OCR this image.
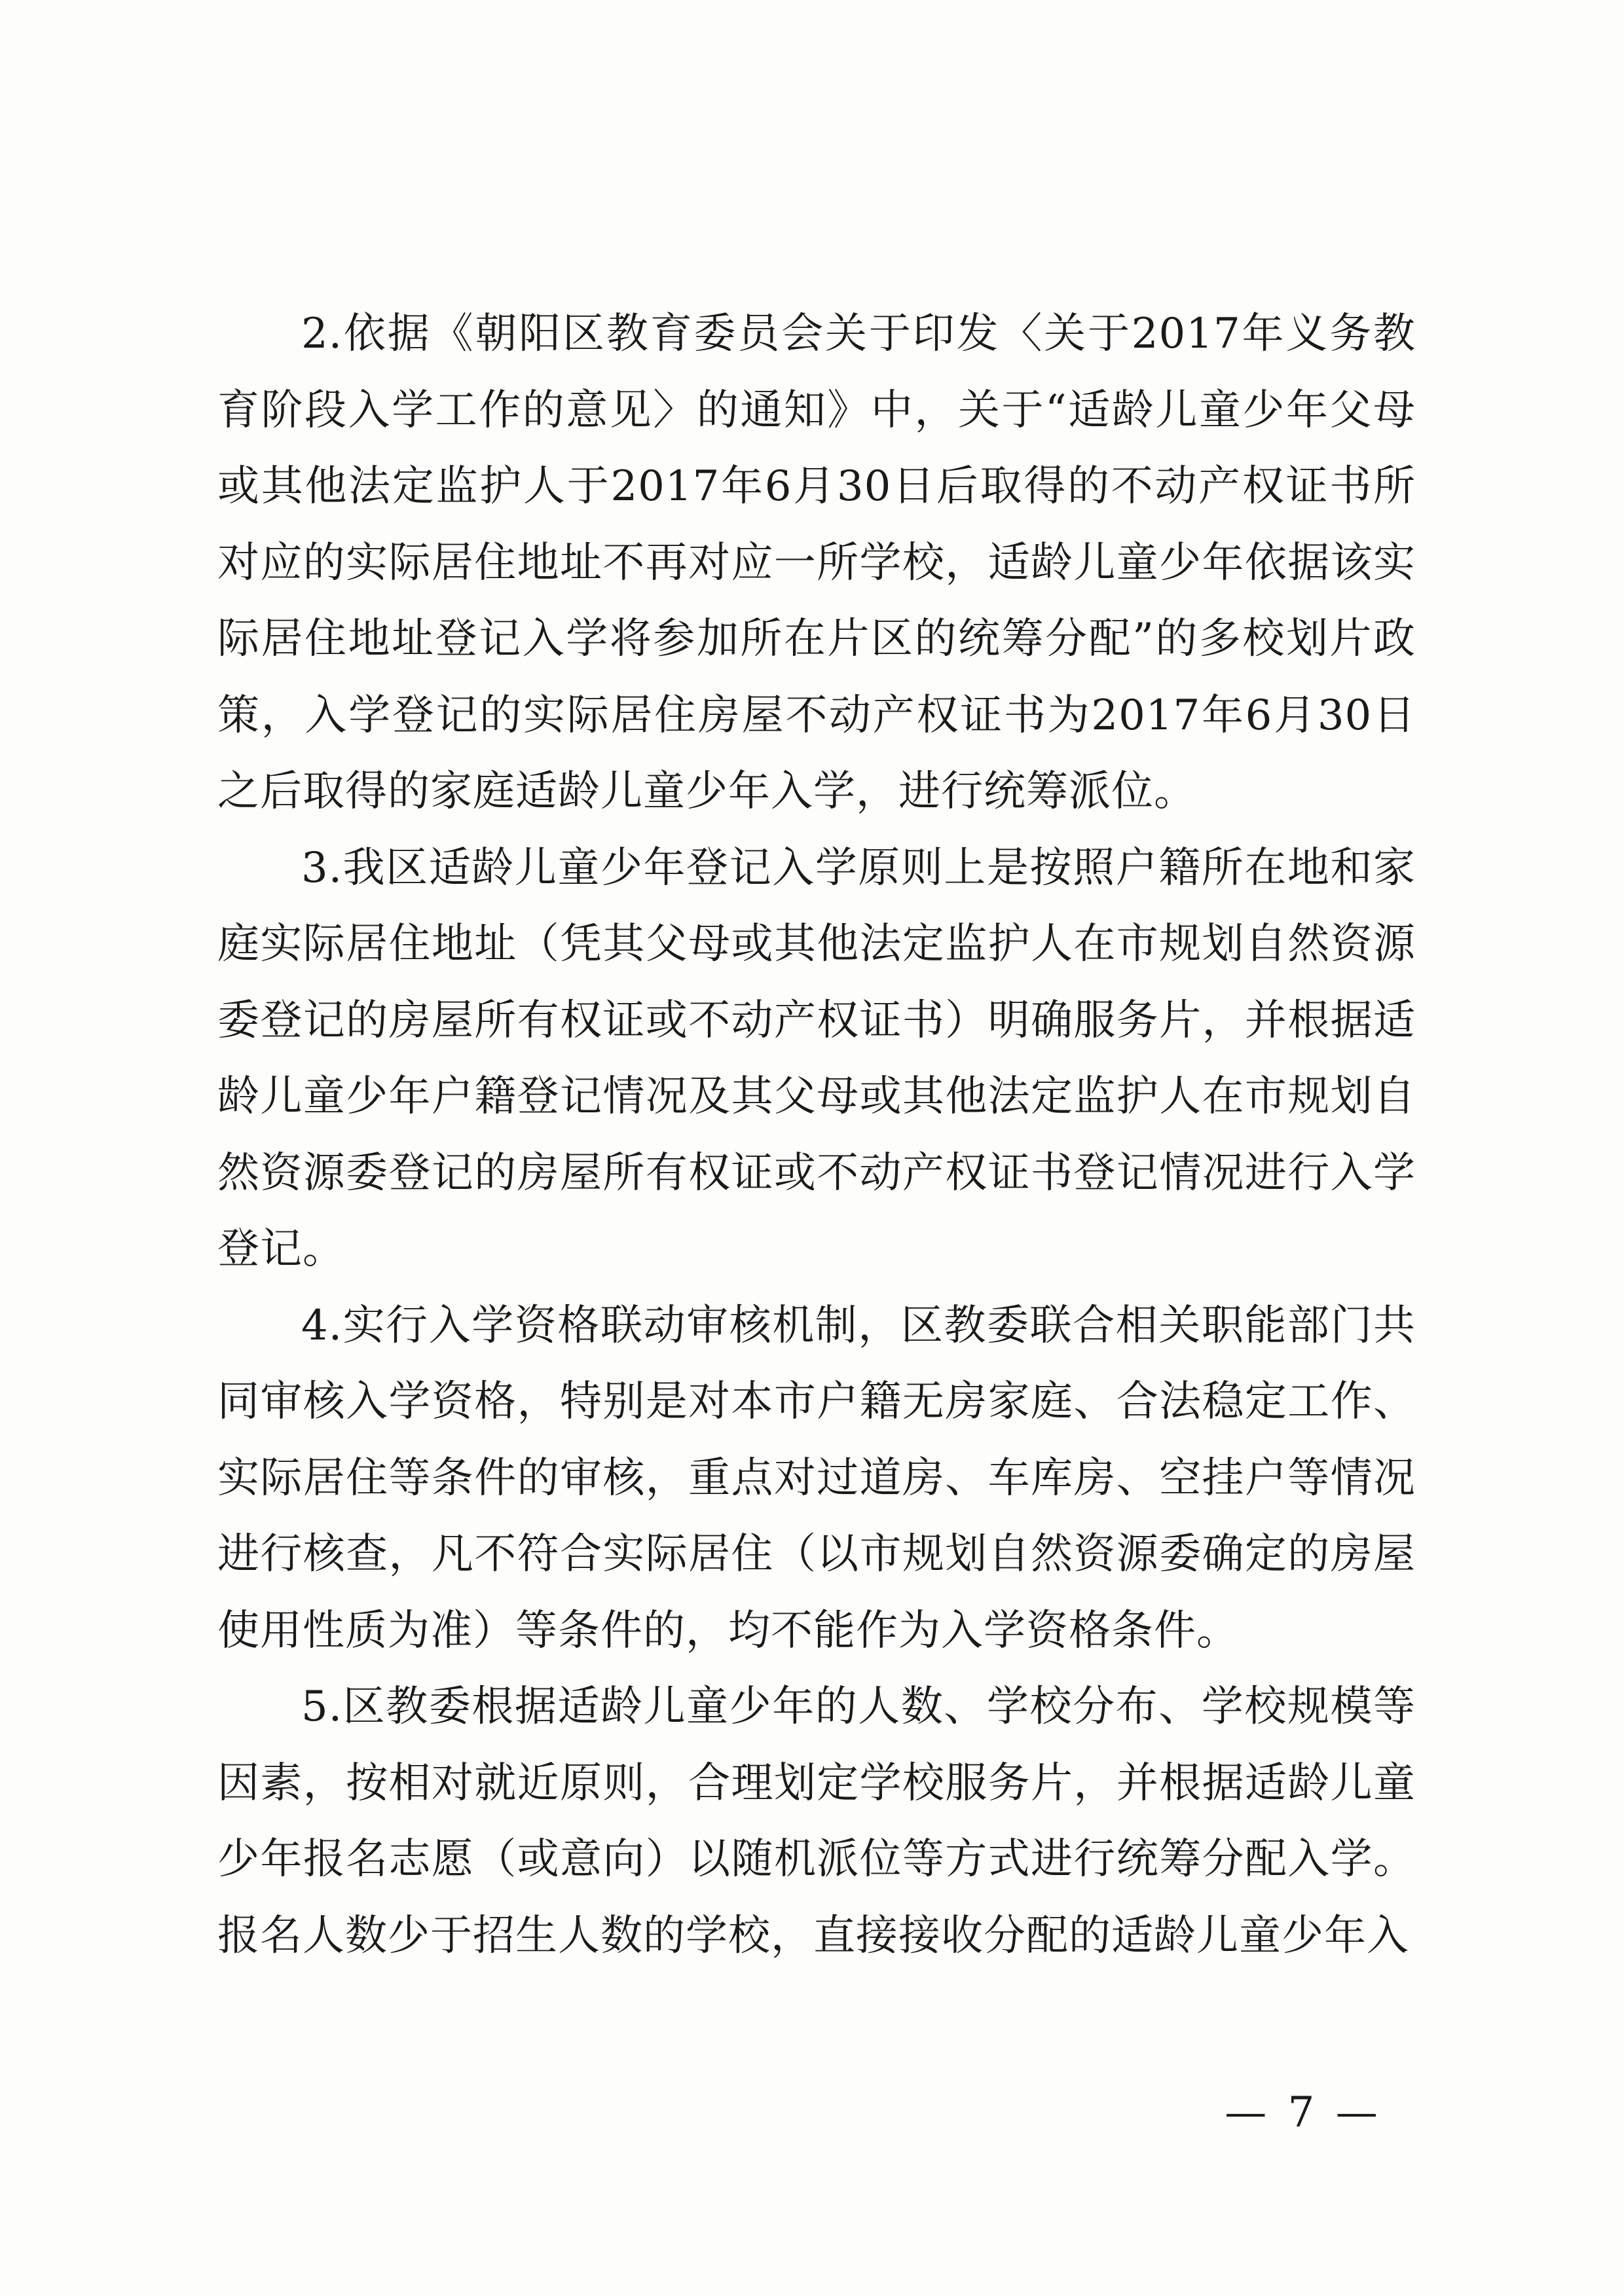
2.依据《朝阳区教育委员会关于印发〈关于2017年义务教育阶段入学工作的意见〉的通知》中，关于“适龄儿童少年父母或其他法定监护人于2017年6月30日后取得的不动产权证书所对应的实际居住地址不再对应一所学校，适龄儿童少年依据该实际居住地址登记入学将参加所在片区的统筹分配”的多校划片政策，入学登记的实际居住房屋不动产权证书为2017年6月30日之后取得的家庭适龄儿童少年入学，进行统筹派位。

3.我区适龄儿童少年登记入学原则上是按照户籍所在地和家庭实际居住地址（凭其父母或其他法定监护人在市规划自然资源委登记的房屋所有权证或不动产权证书）明确服务片，并根据适龄儿童少年户籍登记情况及其父母或其他法定监护人在市规划自然资源委登记的房屋所有权证或不动产权证书登记情况进行入学登记。

4.实行入学资格联动审核机制，区教委联合相关职能部门共同审核入学资格，特别是对本市户籍无房家庭、合法稳定工作、实际居住等条件的审核，重点对过道房、车库房、空挂户等情况进行核查，凡不符合实际居住（以市规划自然资源委确定的房屋使用性质为准）等条件的，均不能作为入学资格条件。

5.区教委根据适龄儿童少年的人数、学校分布、学校规模等因素，按相对就近原则，合理划定学校服务片，并根据适龄儿童少年报名志愿（或意向）以随机派位等方式进行统筹分配入学。报名人数少于招生人数的学校，直接接收分配的适龄儿童少年入

— 7 —
